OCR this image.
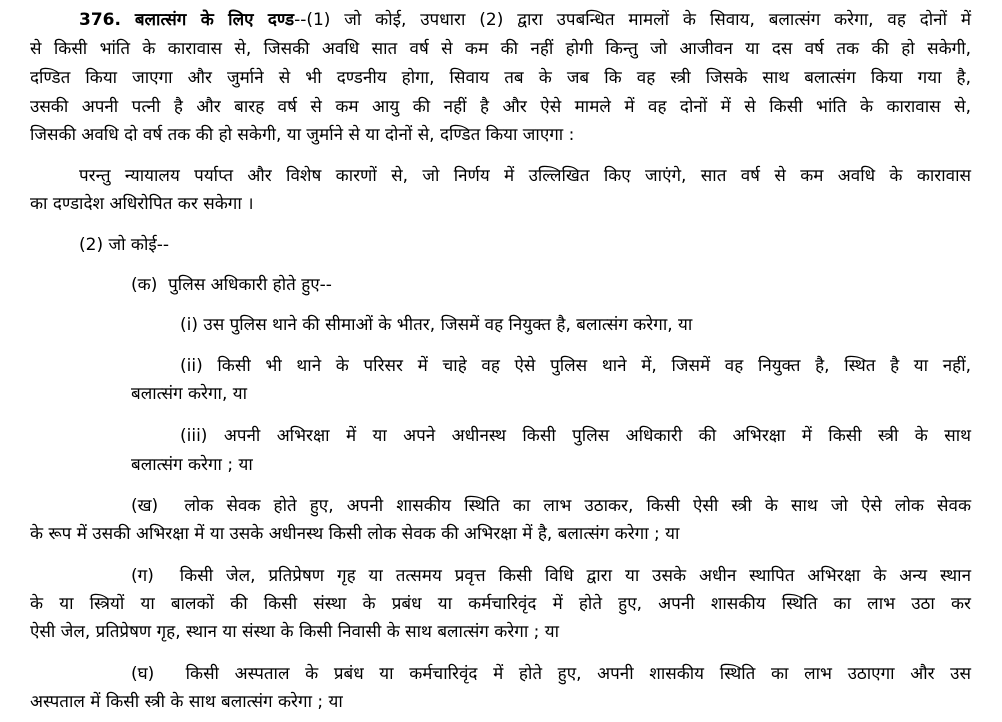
376. बलात्संग के लिए दण्ड--(1) जो कोई, उपधारा (2) द्वारा उपबन्धित मामलों के सिवाय, बलात्संग करेगा, वह दोनों में
से किसी भांति के कारावास से, जिसकी अवधि सात वर्ष से कम की नहीं होगी किन्तु जो आजीवन या दस वर्ष तक की हो सकेगी,
दण्डित किया जाएगा और जुर्माने से भी दण्डनीय होगा, सिवाय तब के जब कि वह स्त्री जिसके साथ बलात्संग किया गया है,
उसकी अपनी पत्नी है और बारह वर्ष से कम आयु की नहीं है और ऐसे मामले में वह दोनों में से किसी भांति के कारावास से,
जिसकी अवधि दो वर्ष तक की हो सकेगी, या जुर्माने से या दोनों से, दण्डित किया जाएगा :
परन्तु न्यायालय पर्याप्त और विशेष कारणों से, जो निर्णय में उल्लिखित किए जाएंगे, सात वर्ष से कम अवधि के कारावास
का दण्डादेश अधिरोपित कर सकेगा ।
(2) जो कोई--
(क) पुलिस अधिकारी होते हुए--
(i) उस पुलिस थाने की सीमाओं के भीतर, जिसमें वह नियुक्त है, बलात्संग करेगा, या
(ii) किसी भी थाने के परिसर में चाहे वह ऐसे पुलिस थाने में, जिसमें वह नियुक्त है, स्थित है या नहीं,
बलात्संग करेगा, या
(iii) अपनी अभिरक्षा में या अपने अधीनस्थ किसी पुलिस अधिकारी की अभिरक्षा में किसी स्त्री के साथ
बलात्संग करेगा ; या
(ख) लोक सेवक होते हुए, अपनी शासकीय स्थिति का लाभ उठाकर, किसी ऐसी स्त्री के साथ जो ऐसे लोक सेवक
के रूप में उसकी अभिरक्षा में या उसके अधीनस्थ किसी लोक सेवक की अभिरक्षा में है, बलात्संग करेगा ; या
(ग) किसी जेल, प्रतिप्रेषण गृह या तत्समय प्रवृत्त किसी विधि द्वारा या उसके अधीन स्थापित अभिरक्षा के अन्य स्थान
के या स्त्रियों या बालकों की किसी संस्था के प्रबंध या कर्मचारिवृंद में होते हुए, अपनी शासकीय स्थिति का लाभ उठा कर
ऐसी जेल, प्रतिप्रेषण गृह, स्थान या संस्था के किसी निवासी के साथ बलात्संग करेगा ; या
(घ) किसी अस्पताल के प्रबंध या कर्मचारिवृंद में होते हुए, अपनी शासकीय स्थिति का लाभ उठाएगा और उस
अस्पताल में किसी स्त्री के साथ बलात्संग करेगा ; या
